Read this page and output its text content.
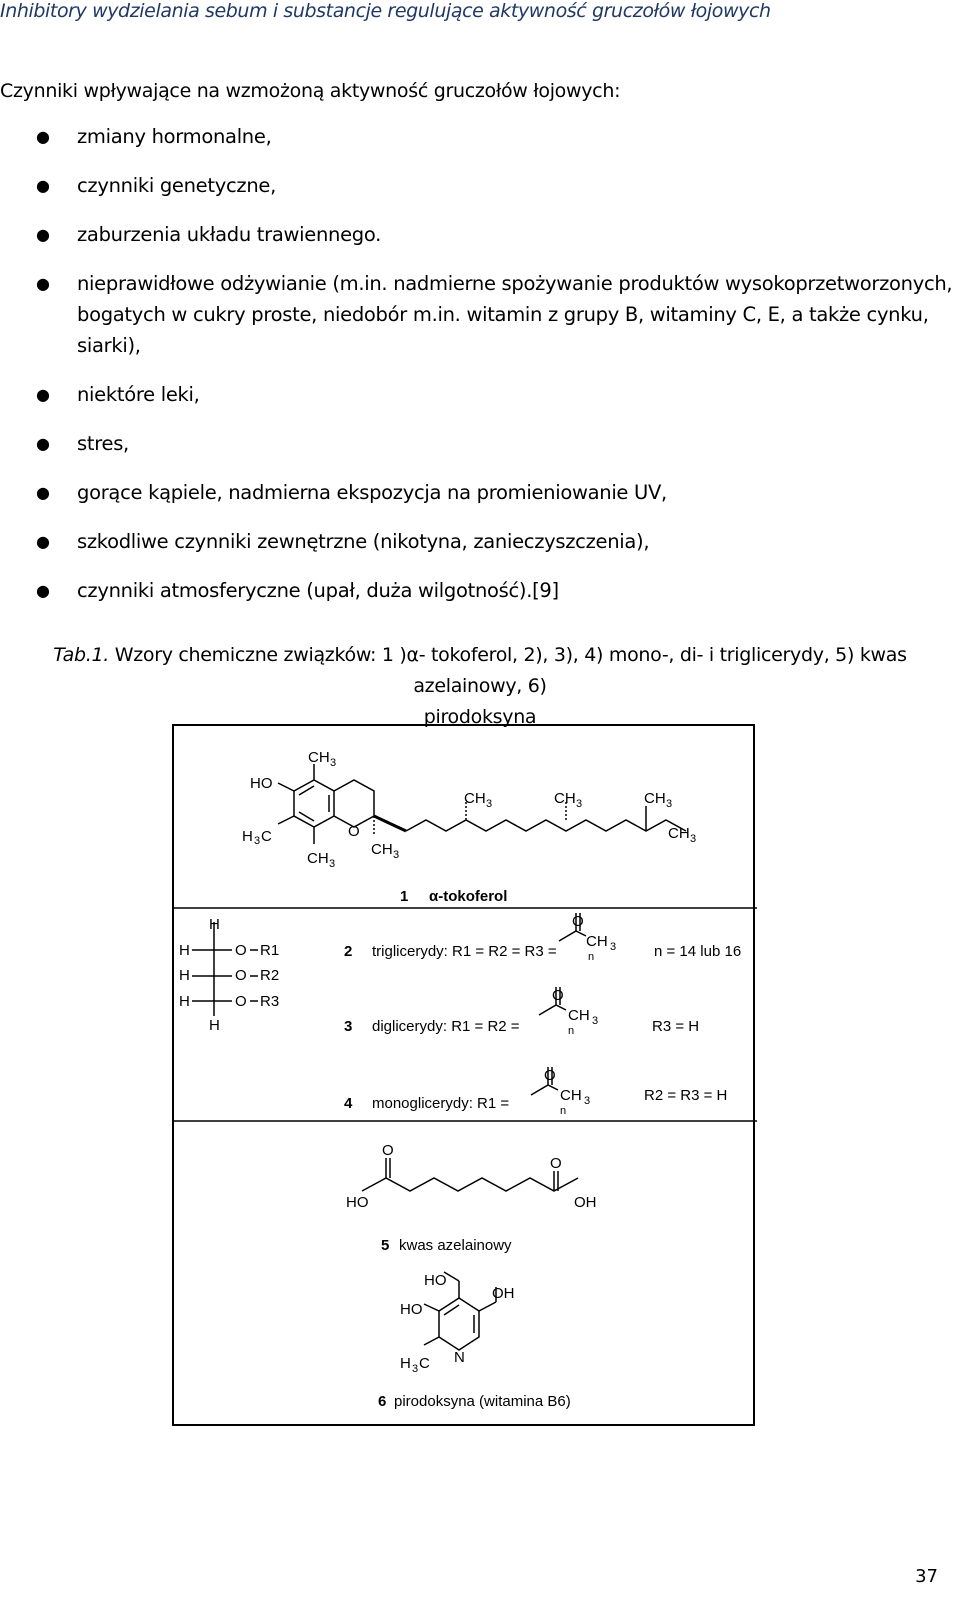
Inhibitory wydzielania sebum i substancje regulujące aktywność gruczołów łojowych
Czynniki wpływające na wzmożoną aktywność gruczołów łojowych:
● zmiany hormonalne,
● czynniki genetyczne,
● zaburzenia układu trawiennego.
● nieprawidłowe odżywianie (m.in. nadmierne spożywanie produktów wysokoprzetworzonych,
bogatych w cukry proste, niedobór m.in. witamin z grupy B, witaminy C, E, a także cynku,
siarki),
● niektóre leki,
● stres,
● gorące kąpiele, nadmierna ekspozycja na promieniowanie UV,
● szkodliwe czynniki zewnętrzne (nikotyna, zanieczyszczenia),
● czynniki atmosferyczne (upał, duża wilgotność).[9]
Tab.1. Wzory chemiczne związków: 1 )α- tokoferol, 2), 3), 4) mono-, di- i triglicerydy, 5) kwas azelainowy, 6)
pirodoksyna
HO
CH 3
H 3 C
CH 3
O
CH 3
CH 3	CH 3	CH 3
CH 3
1 α-tokoferol
H
H
H
H
H
O
O
O
R1
R2
R3
O
O
O
2 triglicerydy: R1 = R2 = R3 =
CH 3
n	n = 14 lub 16
3 diglicerydy: R1 = R2 =
CH 3
n	R3 = H
4 monoglicerydy: R1 =	CH 3
n
R2 = R3 = H
O
O
HO	OH
5 kwas azelainowy
HO
OH
HO
H 3 C N
6 pirodoksyna (witamina B6)
37
